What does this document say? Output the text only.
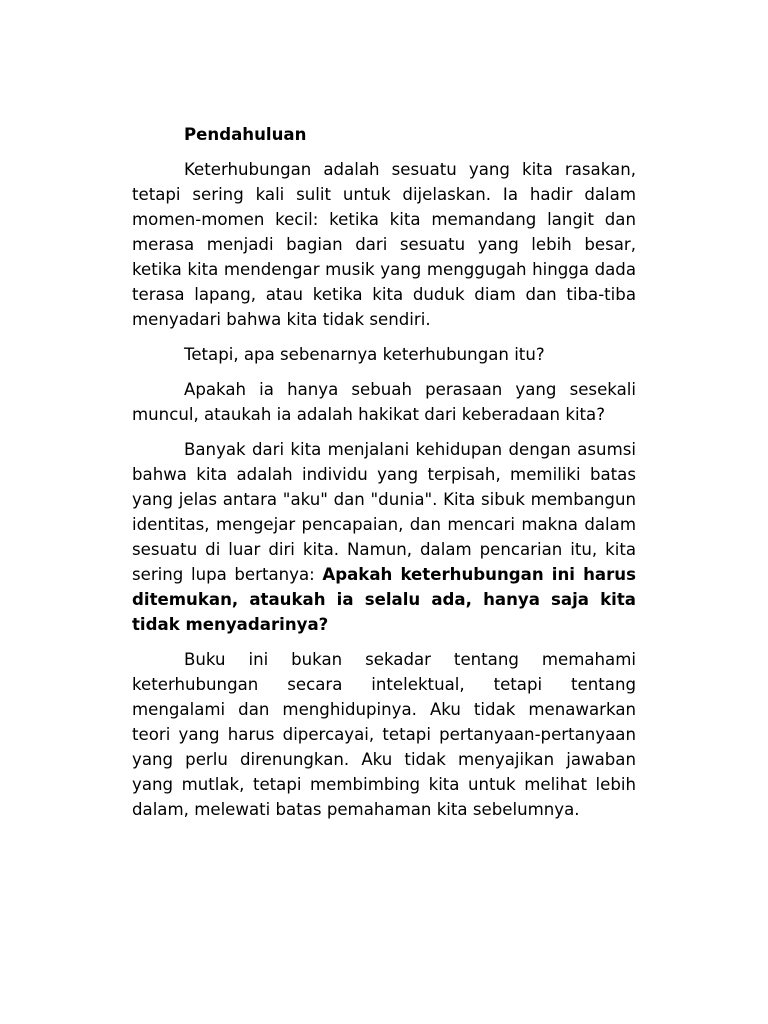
Pendahuluan

Keterhubungan adalah sesuatu yang kita rasakan, tetapi sering kali sulit untuk dijelaskan. Ia hadir dalam momen-momen kecil: ketika kita memandang langit dan merasa menjadi bagian dari sesuatu yang lebih besar, ketika kita mendengar musik yang menggugah hingga dada terasa lapang, atau ketika kita duduk diam dan tiba-tiba menyadari bahwa kita tidak sendiri.

Tetapi, apa sebenarnya keterhubungan itu?

Apakah ia hanya sebuah perasaan yang sesekali muncul, ataukah ia adalah hakikat dari keberadaan kita?

Banyak dari kita menjalani kehidupan dengan asumsi bahwa kita adalah individu yang terpisah, memiliki batas yang jelas antara "aku" dan "dunia". Kita sibuk membangun identitas, mengejar pencapaian, dan mencari makna dalam sesuatu di luar diri kita. Namun, dalam pencarian itu, kita sering lupa bertanya: Apakah keterhubungan ini harus ditemukan, ataukah ia selalu ada, hanya saja kita tidak menyadarinya?

Buku ini bukan sekadar tentang memahami keterhubungan secara intelektual, tetapi tentang mengalami dan menghidupinya. Aku tidak menawarkan teori yang harus dipercayai, tetapi pertanyaan-pertanyaan yang perlu direnungkan. Aku tidak menyajikan jawaban yang mutlak, tetapi membimbing kita untuk melihat lebih dalam, melewati batas pemahaman kita sebelumnya.
